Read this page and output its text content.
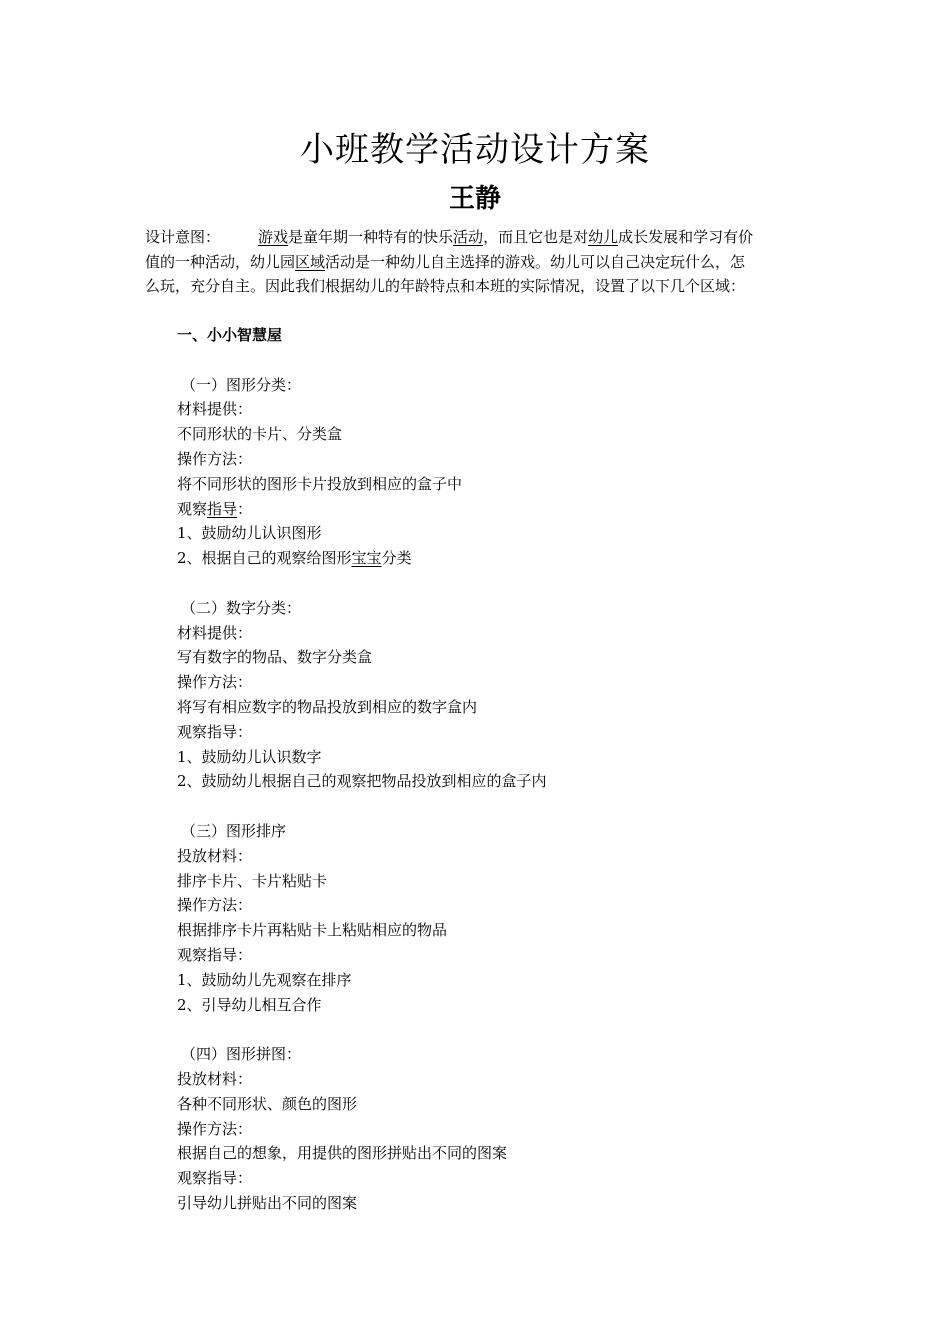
小班教学活动设计方案
王静
设计意图：	游戏是童年期一种特有的快乐活动，而且它也是对幼儿成长发展和学习有价
值的一种活动，幼儿园区域活动是一种幼儿自主选择的游戏。幼儿可以自己决定玩什么，怎
么玩，充分自主。因此我们根据幼儿的年龄特点和本班的实际情况，设置了以下几个区域：
一、小小智慧屋
（一）图形分类：
材料提供：
不同形状的卡片、分类盒
操作方法：
将不同形状的图形卡片投放到相应的盒子中
观察指导：
1、鼓励幼儿认识图形
2、根据自己的观察给图形宝宝分类
（二）数字分类：
材料提供：
写有数字的物品、数字分类盒
操作方法：
将写有相应数字的物品投放到相应的数字盒内
观察指导：
1、鼓励幼儿认识数字
2、鼓励幼儿根据自己的观察把物品投放到相应的盒子内
（三）图形排序
投放材料：
排序卡片、卡片粘贴卡
操作方法：
根据排序卡片再粘贴卡上粘贴相应的物品
观察指导：
1、鼓励幼儿先观察在排序
2、引导幼儿相互合作
（四）图形拼图：
投放材料：
各种不同形状、颜色的图形
操作方法：
根据自己的想象，用提供的图形拼贴出不同的图案
观察指导：
引导幼儿拼贴出不同的图案
